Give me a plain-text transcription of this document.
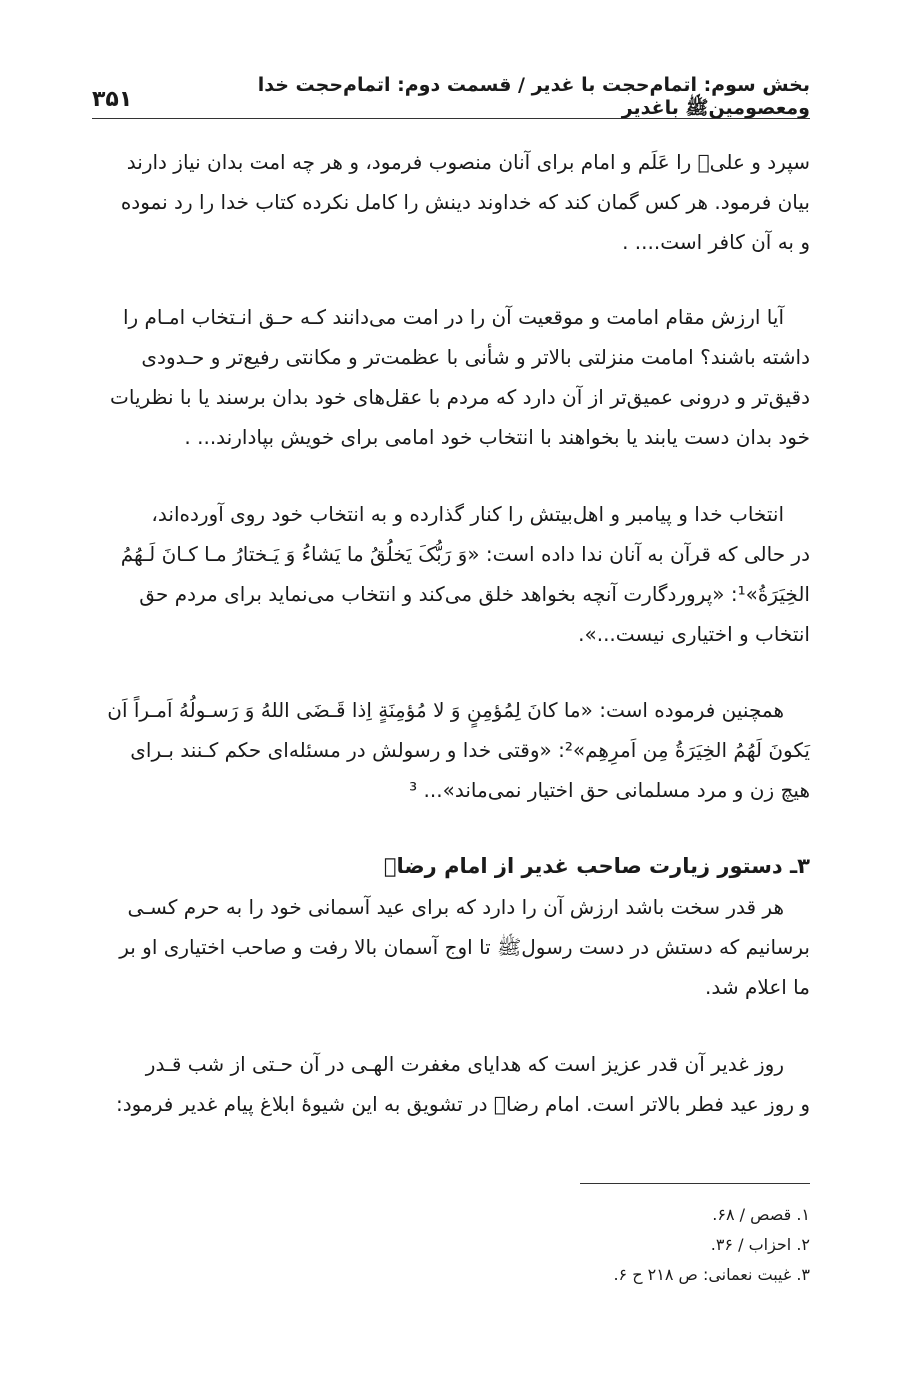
بخش سوم: اتمام‌حجت با غدیر / قسمت دوم: اتمام‌حجت خدا ومعصومینﷺ باغدیر
۳۵۱
سپرد و علیؑ را عَلَم و امام برای آنان منصوب فرمود، و هر چه امت بدان نیاز دارند
بیان فرمود. هر کس گمان کند که خداوند دینش را کامل نکرده کتاب خدا را رد نموده
و به آن کافر است.... .
آیا ارزش مقام امامت و موقعیت آن را در امت می‌دانند کـه حـق انـتخاب امـام را
داشته باشند؟ امامت منزلتی بالاتر و شأنی با عظمت‌تر و مکانتی رفیع‌تر و حـدودی
دقیق‌تر و درونی عمیق‌تر از آن دارد که مردم با عقل‌های خود بدان برسند یا با نظریات
خود بدان دست یابند یا بخواهند با انتخاب خود امامی برای خویش بپادارند... .
انتخاب خدا و پیامبر و اهل‌بیتش را کنار گذارده و به انتخاب خود روی آورده‌اند،
در حالی که قرآن به آنان ندا داده است: «وَ رَبُّکَ یَخلُقُ ما یَشاءُ وَ یَـختارُ مـا کـانَ لَـهُمُ
الخِیَرَةُ»¹: «پروردگارت آنچه بخواهد خلق می‌کند و انتخاب می‌نماید برای مردم حق
انتخاب و اختیاری نیست...».
همچنین فرموده است: «ما کانَ لِمُؤمِنٍ وَ لا مُؤمِنَةٍ اِذا قَـضَی اللهُ وَ رَسـولُهُ اَمـراً اَن
یَکونَ لَهُمُ الخِیَرَةُ مِن اَمرِهِم»²: «وقتی خدا و رسولش در مسئله‌ای حکم کـنند بـرای
هیچ زن و مرد مسلمانی حق اختیار نمی‌ماند»... ³
۳ـ دستور زیارت صاحب غدیر از امام رضاؑ
هر قدر سخت باشد ارزش آن را دارد که برای عید آسمانی خود را به حرم کسـی
برسانیم که دستش در دست رسولﷺ تا اوج آسمان بالا رفت و صاحب اختیاری او بر
ما اعلام شد.
روز غدیر آن قدر عزیز است که هدایای مغفرت الهـی در آن حـتی از شب قـدر
و روز عید فطر بالاتر است. امام رضاؑ در تشویق به این شیوهٔ ابلاغ پیام غدیر فرمود:
۱. قصص / ۶۸.
۲. احزاب / ۳۶.
۳. غیبت نعمانی: ص ۲۱۸ ح ۶.
